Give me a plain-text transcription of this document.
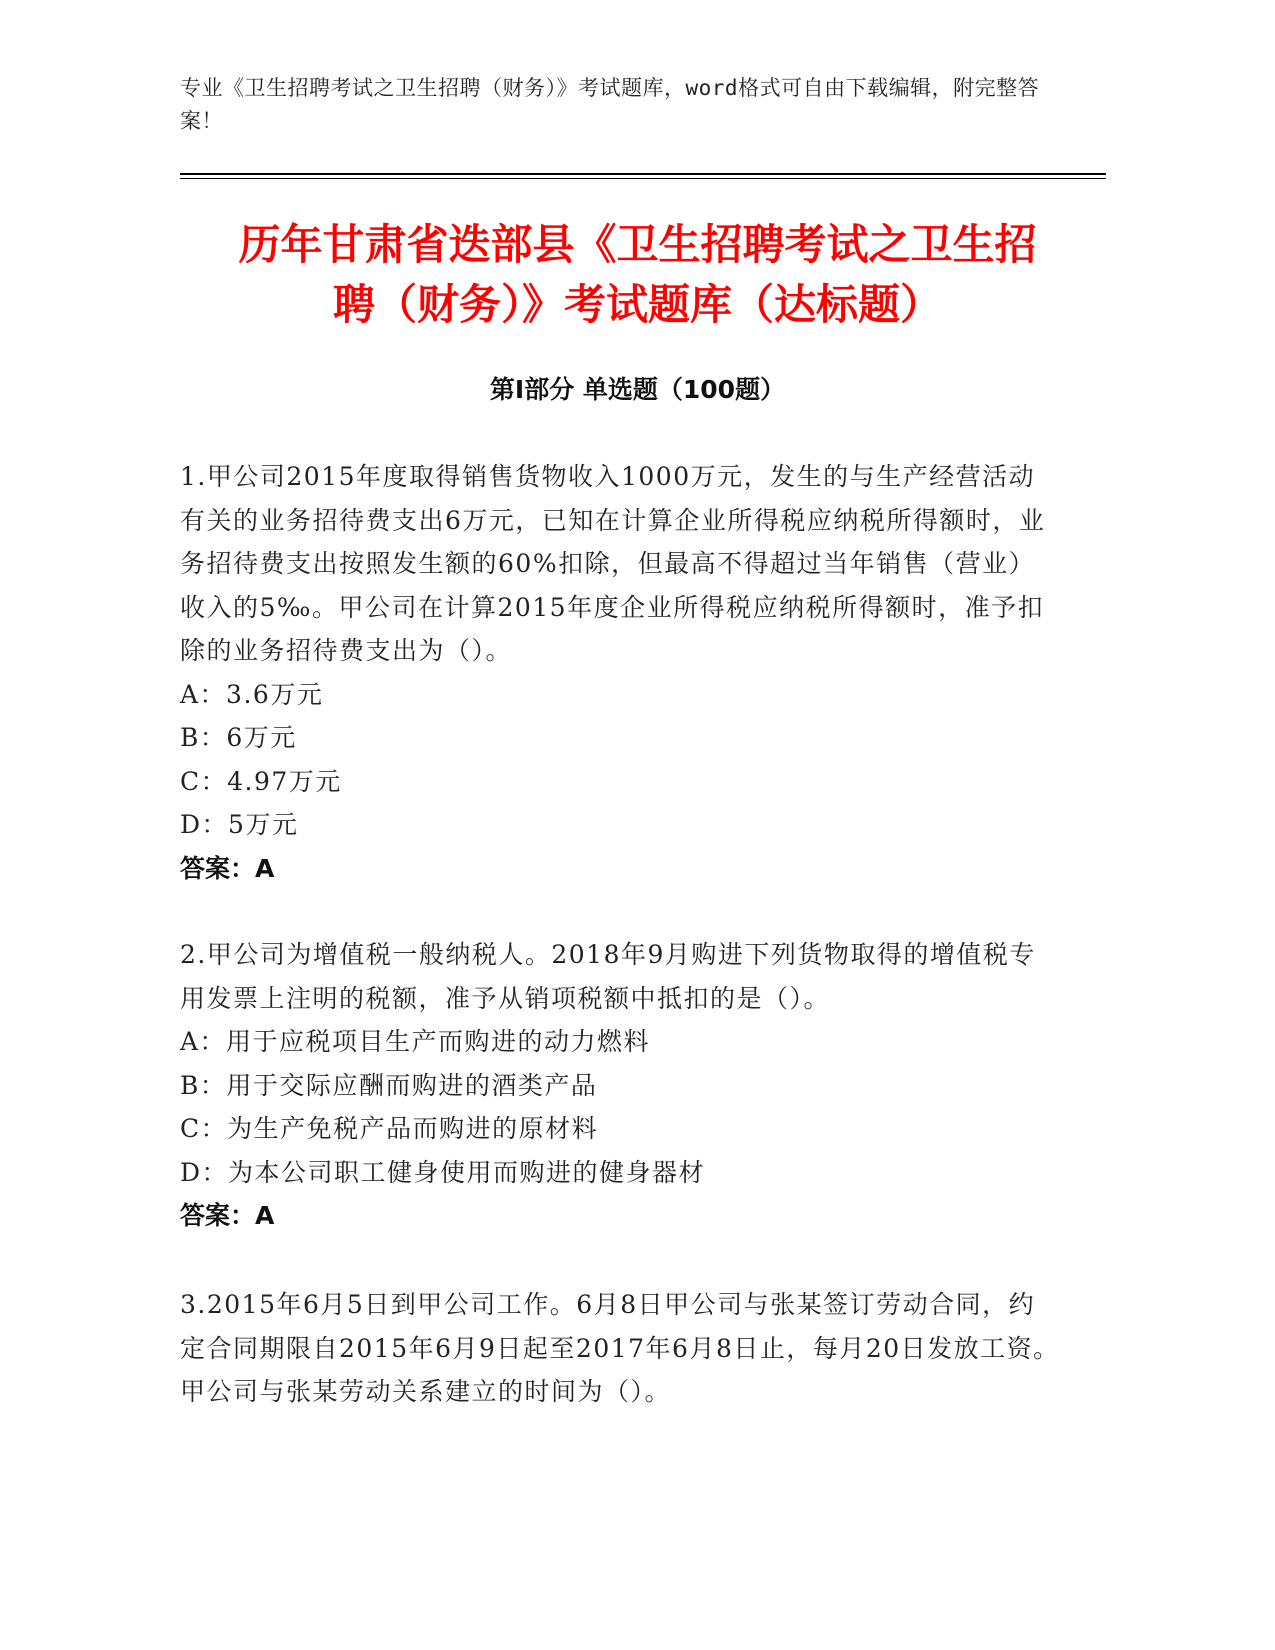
专业《卫生招聘考试之卫生招聘（财务）》考试题库，word格式可自由下载编辑，附完整答案！
历年甘肃省迭部县《卫生招聘考试之卫生招
聘（财务）》考试题库（达标题）
第Ⅰ部分 单选题（100题）

1.甲公司2015年度取得销售货物收入1000万元，发生的与生产经营活动有关的业务招待费支出6万元，已知在计算企业所得税应纳税所得额时，业务招待费支出按照发生额的60%扣除，但最高不得超过当年销售（营业）收入的5‰。甲公司在计算2015年度企业所得税应纳税所得额时，准予扣除的业务招待费支出为（）。

A：3.6万元

B：6万元

C：4.97万元

D：5万元

答案：A

2.甲公司为增值税一般纳税人。2018年9月购进下列货物取得的增值税专用发票上注明的税额，准予从销项税额中抵扣的是（）。

A：用于应税项目生产而购进的动力燃料

B：用于交际应酬而购进的酒类产品

C：为生产免税产品而购进的原材料

D：为本公司职工健身使用而购进的健身器材

答案：A

3.2015年6月5日到甲公司工作。6月8日甲公司与张某签订劳动合同，约定合同期限自2015年6月9日起至2017年6月8日止，每月20日发放工资。甲公司与张某劳动关系建立的时间为（）。
